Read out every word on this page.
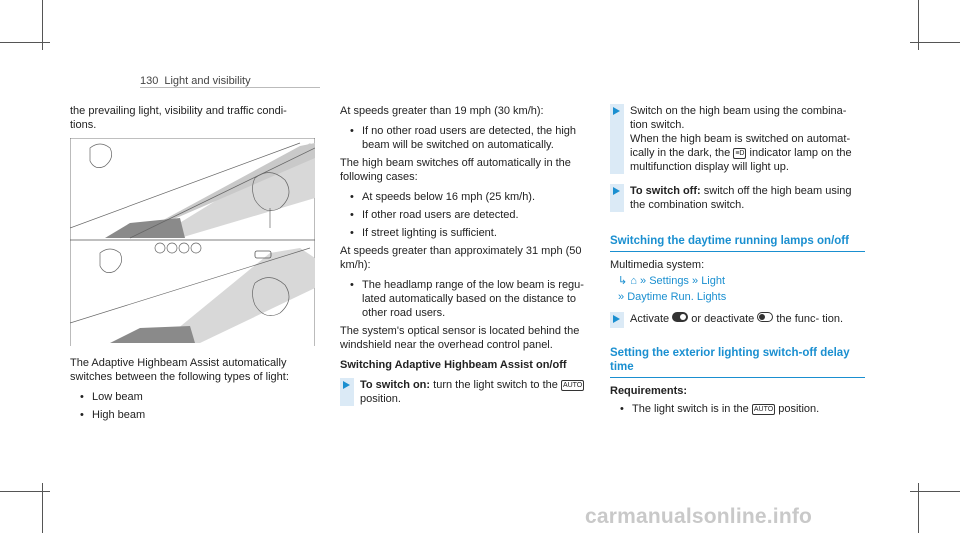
130 Light and visibility

the prevailing light, visibility and traffic condi- tions.

The Adaptive Highbeam Assist automatically switches between the following types of light:

• Low beam
• High beam

At speeds greater than 19 mph (30 km/h):

• If no other road users are detected, the high beam will be switched on automatically.

The high beam switches off automatically in the following cases:

• At speeds below 16 mph (25 km/h).
• If other road users are detected.
• If street lighting is sufficient.

At speeds greater than approximately 31 mph (50 km/h):

• The headlamp range of the low beam is regu- lated automatically based on the distance to other road users.

The system's optical sensor is located behind the windshield near the overhead control panel.

Switching Adaptive Highbeam Assist on/off

To switch on: turn the light switch to the AUTO position.
Switch on the high beam using the combina- tion switch.
When the high beam is switched on automat- ically in the dark, the ≡D indicator lamp on the multifunction display will light up.
To switch off: switch off the high beam using the combination switch.

Switching the daytime running lamps on/off

Multimedia system:

↳ ⌂ » Settings » Light

» Daytime Run. Lights

Activate or deactivate the func- tion.

Setting the exterior lighting switch-off delay time

Requirements:

• The light switch is in the AUTO position.
carmanualsonline.info
